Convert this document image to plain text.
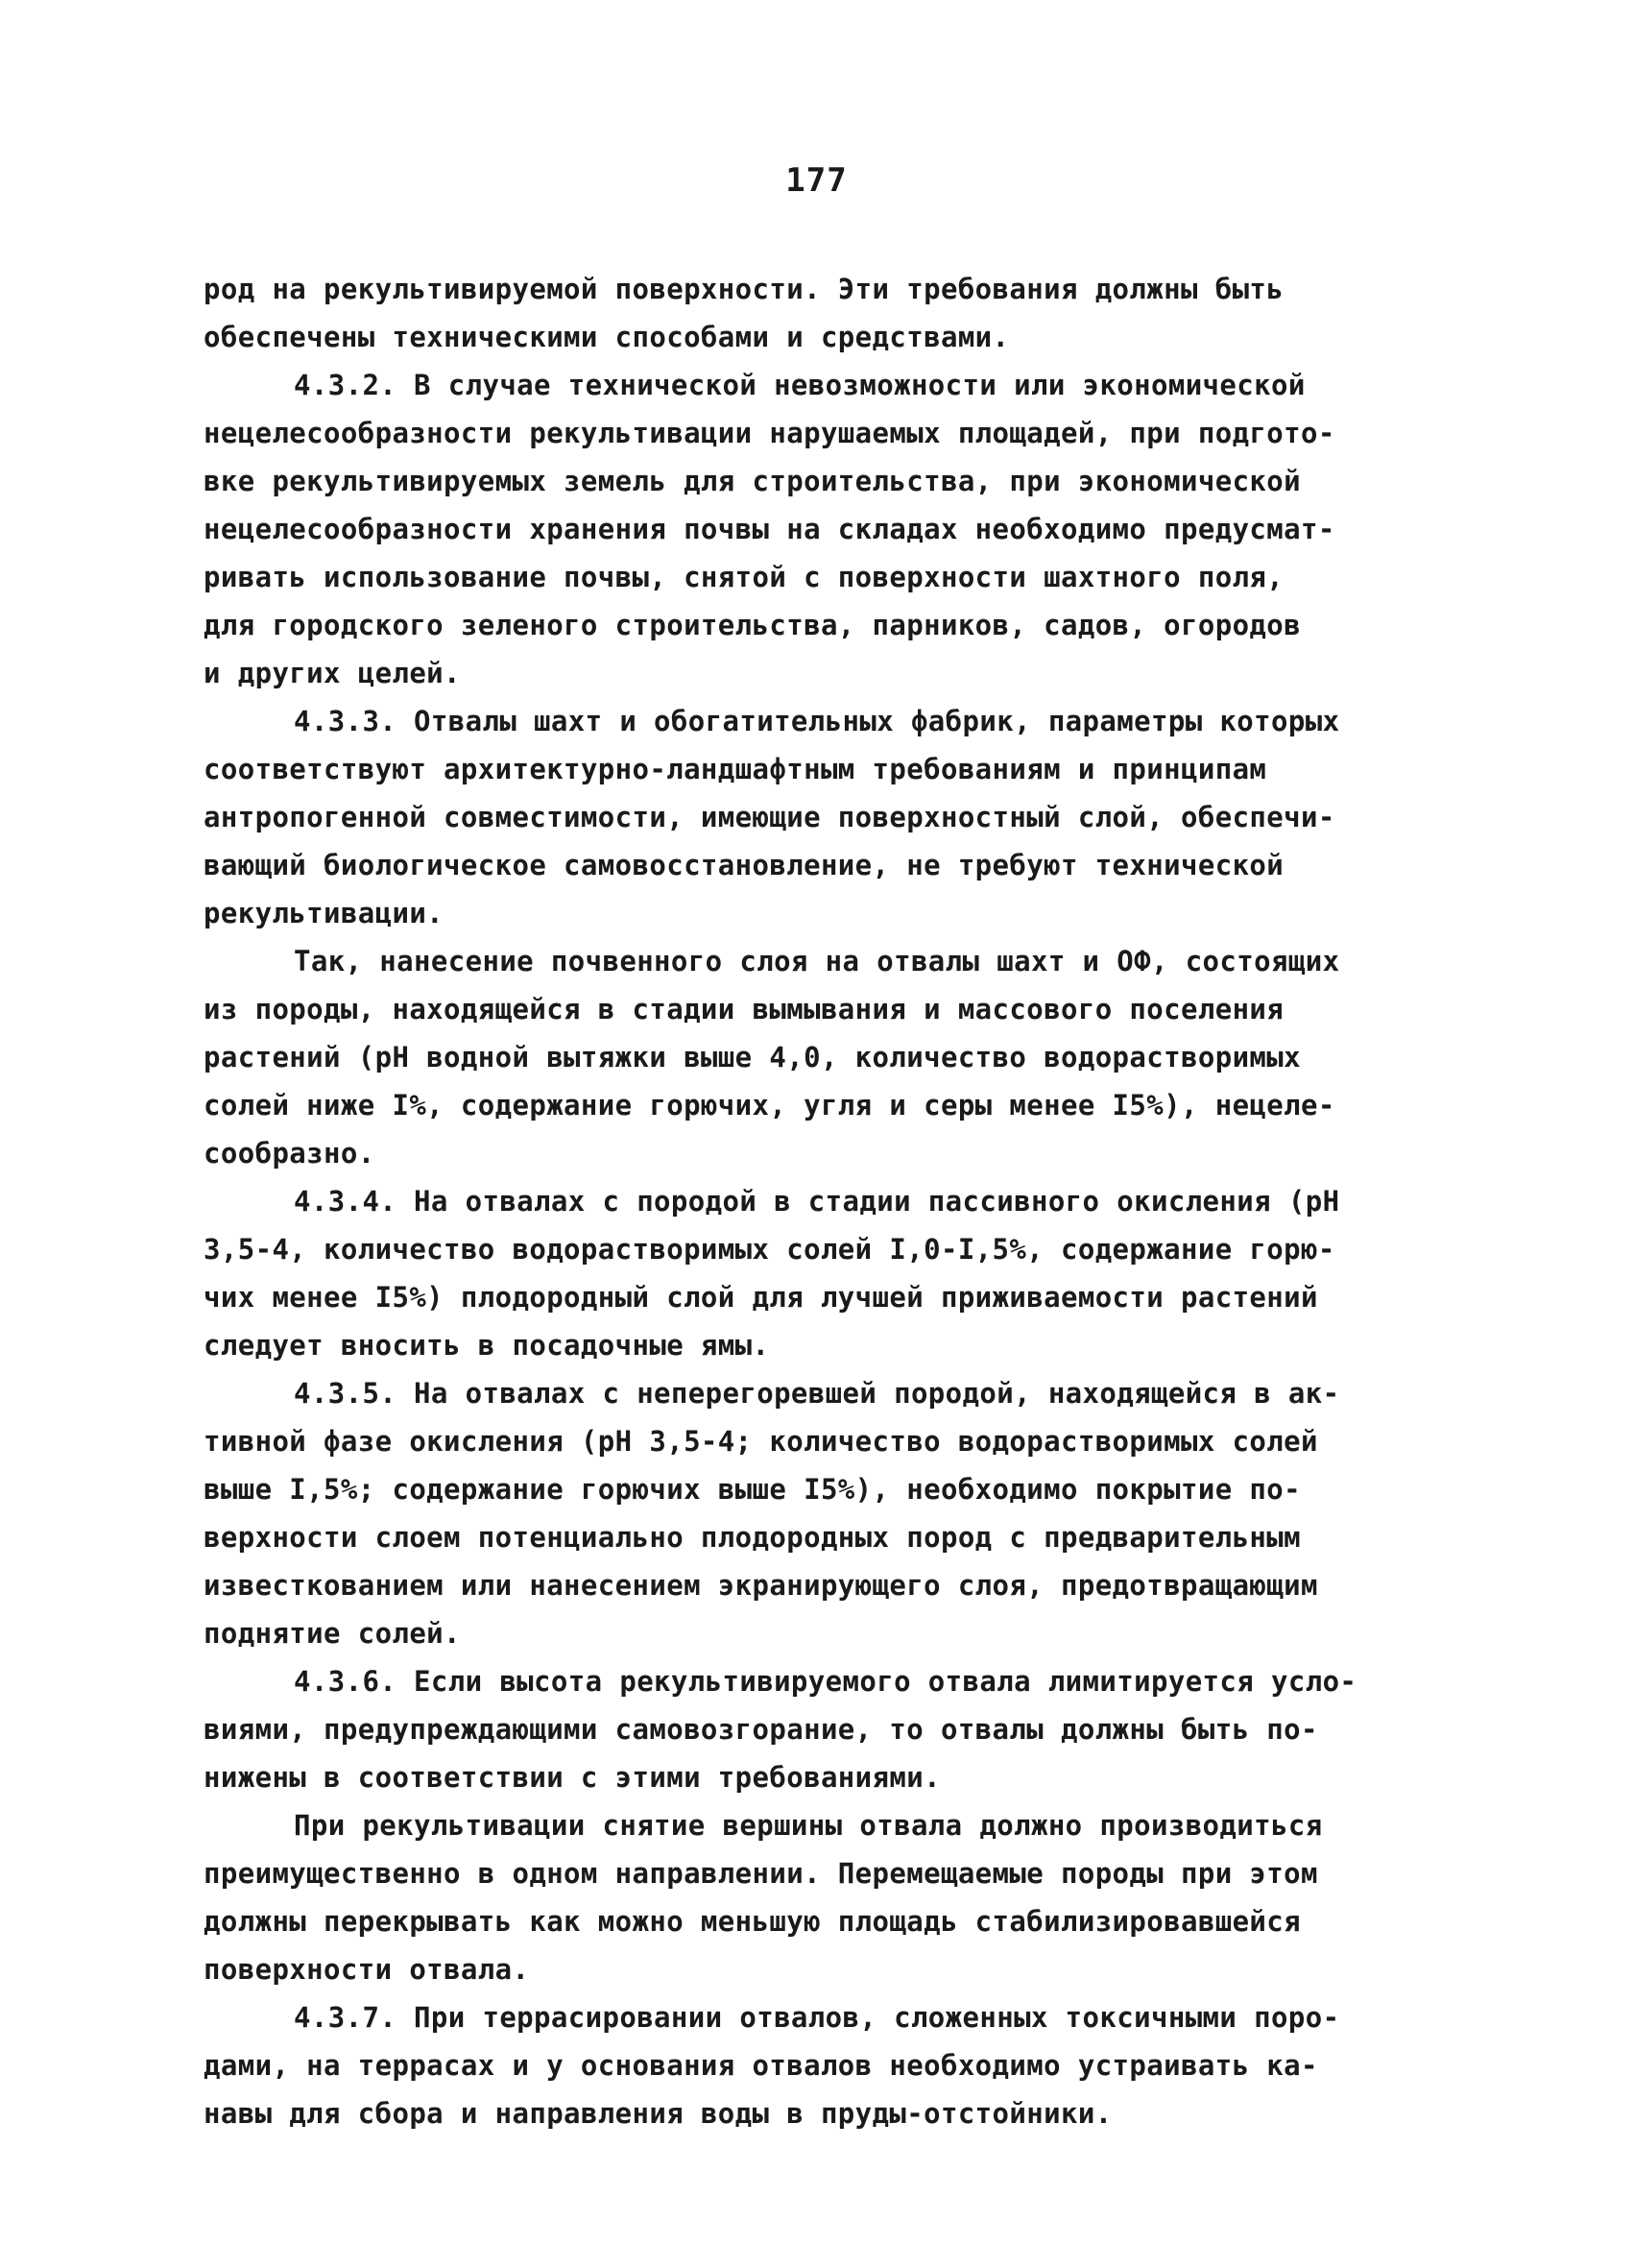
177
род на рекультивируемой поверхности. Эти требования должны быть
обеспечены техническими способами и средствами.
4.3.2. В случае технической невозможности или экономической
нецелесообразности рекультивации нарушаемых площадей, при подгото-
вке рекультивируемых земель для строительства, при экономической
нецелесообразности хранения почвы на складах необходимо предусмат-
ривать использование почвы, снятой с поверхности шахтного поля,
для городского зеленого строительства, парников, садов, огородов
и других целей.
4.3.3. Отвалы шахт и обогатительных фабрик, параметры которых
соответствуют архитектурно-ландшафтным требованиям и принципам
антропогенной совместимости, имеющие поверхностный слой, обеспечи-
вающий биологическое самовосстановление, не требуют технической
рекультивации.
Так, нанесение почвенного слоя на отвалы шахт и ОФ, состоящих
из породы, находящейся в стадии вымывания и массового поселения
растений (рН водной вытяжки выше 4,0, количество водорастворимых
солей ниже I%, содержание горючих, угля и серы менее I5%), нецеле-
сообразно.
4.3.4. На отвалах с породой в стадии пассивного окисления (рН
3,5-4, количество водорастворимых солей I,0-I,5%, содержание горю-
чих менее I5%) плодородный слой для лучшей приживаемости растений
следует вносить в посадочные ямы.
4.3.5. На отвалах с неперегоревшей породой, находящейся в ак-
тивной фазе окисления (рН 3,5-4; количество водорастворимых солей
выше I,5%; содержание горючих выше I5%), необходимо покрытие по-
верхности слоем потенциально плодородных пород с предварительным
известкованием или нанесением экранирующего слоя, предотвращающим
поднятие солей.
4.3.6. Если высота рекультивируемого отвала лимитируется усло-
виями, предупреждающими самовозгорание, то отвалы должны быть по-
нижены в соответствии с этими требованиями.
При рекультивации снятие вершины отвала должно производиться
преимущественно в одном направлении. Перемещаемые породы при этом
должны перекрывать как можно меньшую площадь стабилизировавшейся
поверхности отвала.
4.3.7. При террасировании отвалов, сложенных токсичными поро-
дами, на террасах и у основания отвалов необходимо устраивать ка-
навы для сбора и направления воды в пруды-отстойники.
